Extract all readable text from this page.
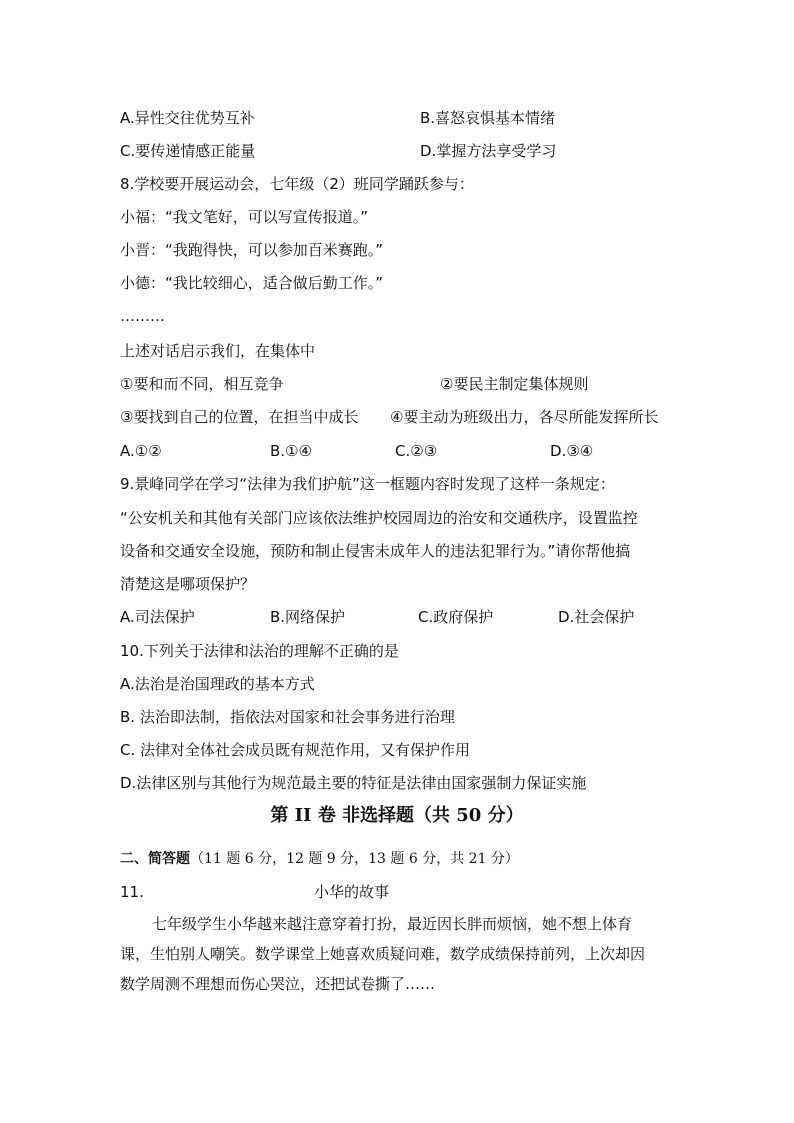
A.异性交往优势互补	B.喜怒哀惧基本情绪
C.要传递情感正能量	D.掌握方法享受学习
8.学校要开展运动会，七年级（2）班同学踊跃参与：
小福：“我文笔好，可以写宣传报道。”
小晋：“我跑得快，可以参加百米赛跑。”
小德：“我比较细心，适合做后勤工作。”
………
上述对话启示我们，在集体中
①要和而不同，相互竞争	②要民主制定集体规则
③要找到自己的位置，在担当中成长 ④要主动为班级出力，各尽所能发挥所长
A.①②	B.①④	C.②③	D.③④
9.景峰同学在学习“法律为我们护航”这一框题内容时发现了这样一条规定：
“公安机关和其他有关部门应该依法维护校园周边的治安和交通秩序，设置监控
设备和交通安全设施，预防和制止侵害未成年人的违法犯罪行为。”请你帮他搞
清楚这是哪项保护？
A.司法保护	B.网络保护	C.政府保护	D.社会保护
10.下列关于法律和法治的理解不正确的是
A.法治是治国理政的基本方式
B. 法治即法制，指依法对国家和社会事务进行治理
C. 法律对全体社会成员既有规范作用，又有保护作用
D.法律区别与其他行为规范最主要的特征是法律由国家强制力保证实施
第 II 卷 非选择题（共 50 分）
二、简答题（11 题 6 分，12 题 9 分，13 题 6 分，共 21 分）
11.	小华的故事
七年级学生小华越来越注意穿着打扮，最近因长胖而烦恼，她不想上体育
课，生怕别人嘲笑。数学课堂上她喜欢质疑问难，数学成绩保持前列，上次却因
数学周测不理想而伤心哭泣，还把试卷撕了……
